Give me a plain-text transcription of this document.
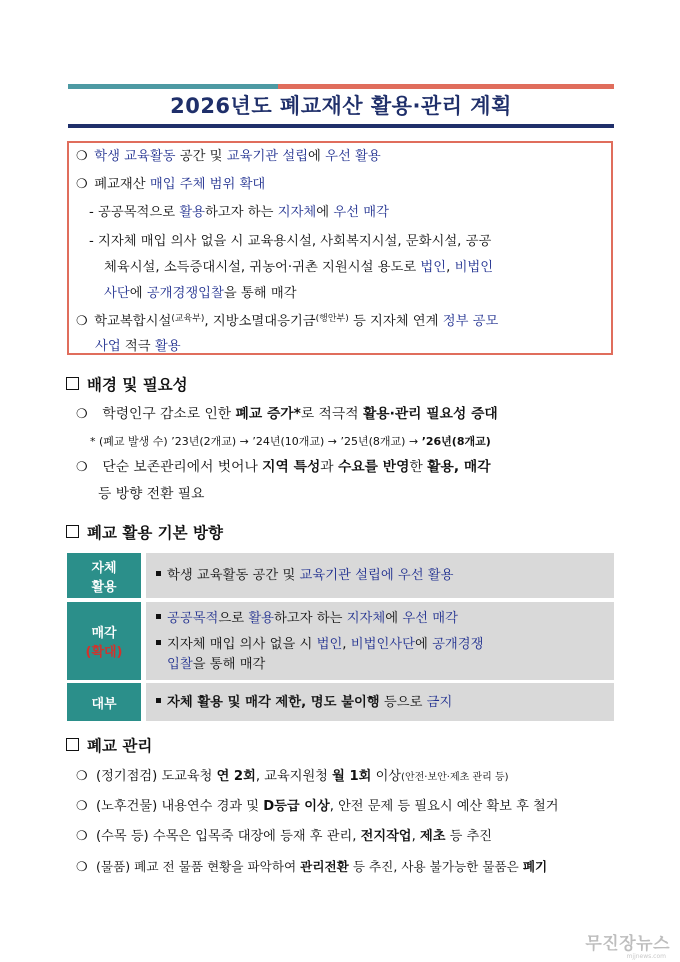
2026년도 폐교재산 활용·관리 계획
❍ 학생 교육활동 공간 및 교육기관 설립에 우선 활용
❍ 폐교재산 매입 주체 범위 확대
- 공공목적으로 활용하고자 하는 지자체에 우선 매각
- 지자체 매입 의사 없을 시 교육용시설, 사회복지시설, 문화시설, 공공
체육시설, 소득증대시설, 귀농어·귀촌 지원시설 용도로 법인, 비법인
사단에 공개경쟁입찰을 통해 매각
❍ 학교복합시설$^{(교육부)}$, 지방소멸대응기금$^{(행안부)}$ 등 지자체 연계 정부 공모
사업 적극 활용
배경 및 필요성
❍ 학령인구 감소로 인한 폐교 증가*로 적극적 활용·관리 필요성 증대
* (폐교 발생 수) ’23년(2개교) → ’24년(10개교) → ’25년(8개교) → ’26년(8개교)
❍ 단순 보존관리에서 벗어나 지역 특성과 수요를 반영한 활용, 매각
등 방향 전환 필요
폐교 활용 기본 방향
자체
활용
학생 교육활동 공간 및 교육기관 설립에 우선 활용
매각
(확대)
공공목적으로 활용하고자 하는 지자체에 우선 매각
지자체 매입 의사 없을 시 법인, 비법인사단에 공개경쟁
입찰을 통해 매각
대부	자체 활용 및 매각 제한, 명도 불이행 등으로 금지
폐교 관리
❍ (정기점검) 도교육청 연 2회, 교육지원청 월 1회 이상(안전·보안·제초 관리 등)
❍ (노후건물) 내용연수 경과 및 D등급 이상, 안전 문제 등 필요시 예산 확보 후 철거
❍ (수목 등) 수목은 입목죽 대장에 등재 후 관리, 전지작업, 제초 등 추진
❍ (물품) 폐교 전 물품 현황을 파악하여 관리전환 등 추진, 사용 불가능한 물품은 폐기
무진장뉴스
mjjnews.com
